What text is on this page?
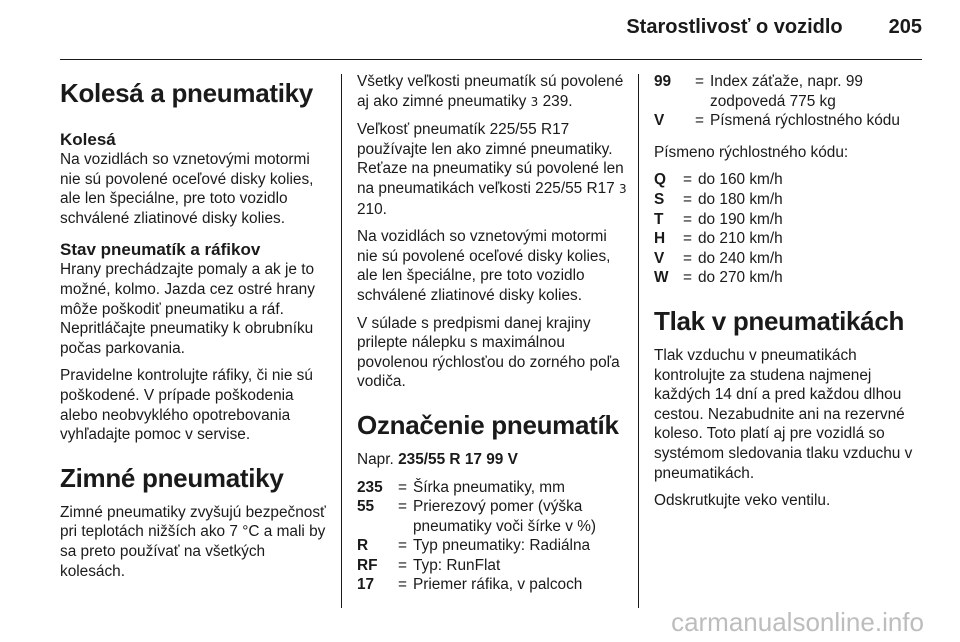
Starostlivosť o vozidlo 205
Kolesá a pneumatiky
Kolesá

Na vozidlách so vznetovými motormi nie sú povolené oceľové disky kolies, ale len špeciálne, pre toto vozidlo schválené zliatinové disky kolies.

Stav pneumatík a ráfikov

Hrany prechádzajte pomaly a ak je to možné, kolmo. Jazda cez ostré hrany môže poškodiť pneumatiku a ráf. Nepritláčajte pneumatiky k obrubníku počas parkovania.

Pravidelne kontrolujte ráfiky, či nie sú poškodené. V prípade poškodenia alebo neobvyklého opotrebovania vyhľadajte pomoc v servise.

Zimné pneumatiky

Zimné pneumatiky zvyšujú bezpečnosť pri teplotách nižších ako 7 °C a mali by sa preto používať na všetkých kolesách.

Všetky veľkosti pneumatík sú povolené aj ako zimné pneumatiky 3 239.

Veľkosť pneumatík 225/55 R17 používajte len ako zimné pneumatiky. Reťaze na pneumatiky sú povolené len na pneumatikách veľkosti 225/55 R17 3 210.

Na vozidlách so vznetovými motormi nie sú povolené oceľové disky kolies, ale len špeciálne, pre toto vozidlo schválené zliatinové disky kolies.

V súlade s predpismi danej krajiny prilepte nálepku s maximálnou povolenou rýchlosťou do zorného poľa vodiča.

Označenie pneumatík

Napr. 235/55 R 17 99 V

235	=	Šírka pneumatiky, mm
55	=	Prierezový pomer (výška pneumatiky voči šírke v %)
R	=	Typ pneumatiky: Radiálna
RF	=	Typ: RunFlat
17	=	Priemer ráfika, v palcoch
99	=	Index záťaže, napr. 99 zodpovedá 775 kg
V	=	Písmená rýchlostného kódu

Písmeno rýchlostného kódu:

Q	=	do 160 km/h
S	=	do 180 km/h
T	=	do 190 km/h
H	=	do 210 km/h
V	=	do 240 km/h
W	=	do 270 km/h
Tlak v pneumatikách

Tlak vzduchu v pneumatikách kontrolujte za studena najmenej každých 14 dní a pred každou dlhou cestou. Nezabudnite ani na rezervné koleso. Toto platí aj pre vozidlá so systémom sledovania tlaku vzduchu v pneumatikách.

Odskrutkujte veko ventilu.

carmanualsonline.info
